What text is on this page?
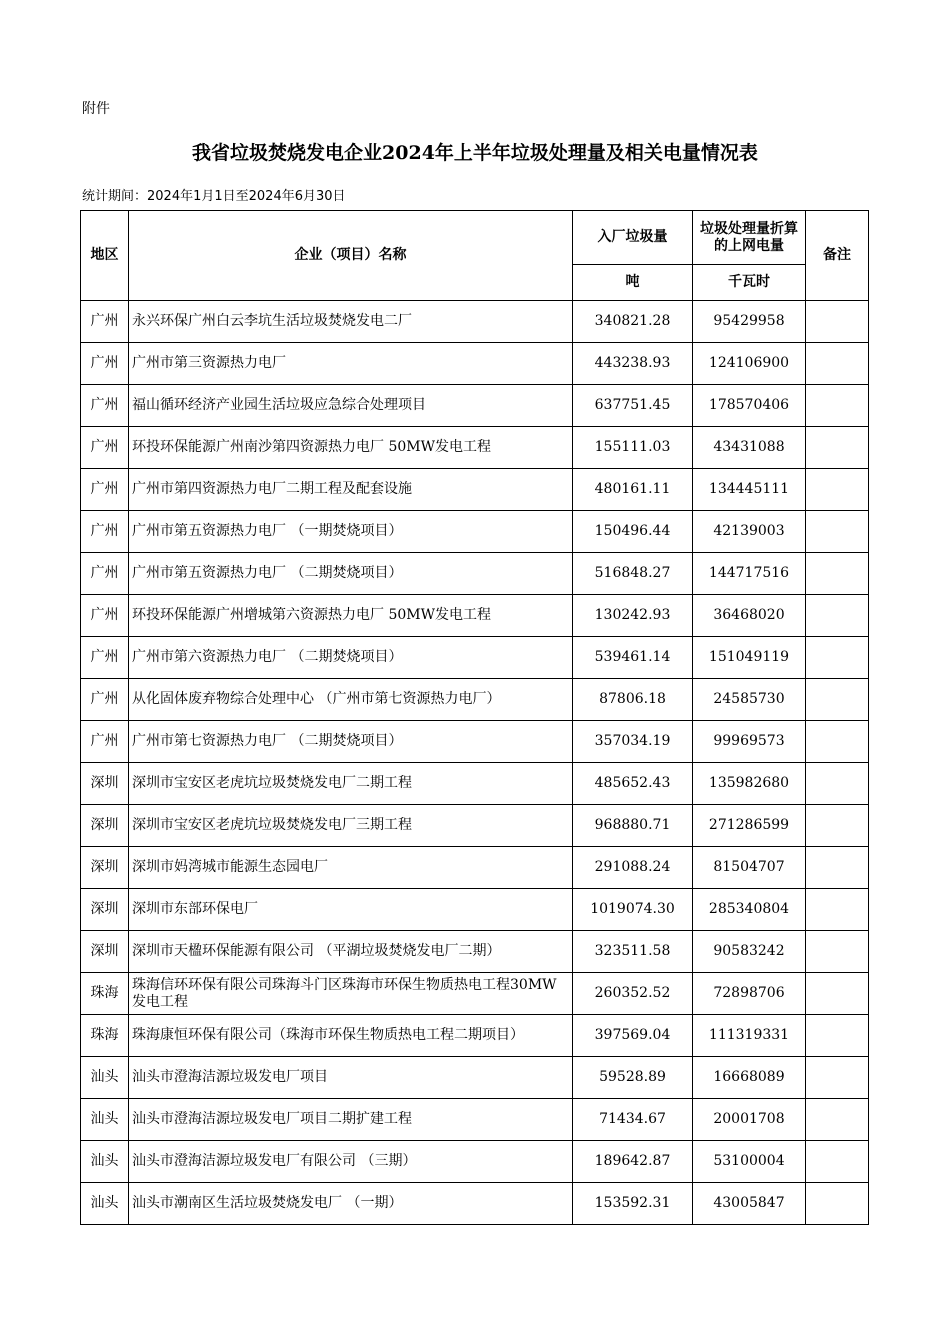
附件
我省垃圾焚烧发电企业2024年上半年垃圾处理量及相关电量情况表
统计期间：2024年1月1日至2024年6月30日
地区	企业（项目）名称	入厂垃圾量	垃圾处理量折算的上网电量	备注
		吨	千瓦时	
广州	永兴环保广州白云李坑生活垃圾焚烧发电二厂	340821.28	95429958	
广州	广州市第三资源热力电厂	443238.93	124106900	
广州	福山循环经济产业园生活垃圾应急综合处理项目	637751.45	178570406	
广州	环投环保能源广州南沙第四资源热力电厂 50MW发电工程	155111.03	43431088	
广州	广州市第四资源热力电厂二期工程及配套设施	480161.11	134445111	
广州	广州市第五资源热力电厂 （一期焚烧项目）	150496.44	42139003	
广州	广州市第五资源热力电厂 （二期焚烧项目）	516848.27	144717516	
广州	环投环保能源广州增城第六资源热力电厂 50MW发电工程	130242.93	36468020	
广州	广州市第六资源热力电厂 （二期焚烧项目）	539461.14	151049119	
广州	从化固体废弃物综合处理中心 （广州市第七资源热力电厂）	87806.18	24585730	
广州	广州市第七资源热力电厂 （二期焚烧项目）	357034.19	99969573	
深圳	深圳市宝安区老虎坑垃圾焚烧发电厂二期工程	485652.43	135982680	
深圳	深圳市宝安区老虎坑垃圾焚烧发电厂三期工程	968880.71	271286599	
深圳	深圳市妈湾城市能源生态园电厂	291088.24	81504707	
深圳	深圳市东部环保电厂	1019074.30	285340804	
深圳	深圳市天楹环保能源有限公司 （平湖垃圾焚烧发电厂二期）	323511.58	90583242	
珠海	珠海信环环保有限公司珠海斗门区珠海市环保生物质热电工程30MW发电工程	260352.52	72898706	
珠海	珠海康恒环保有限公司（珠海市环保生物质热电工程二期项目）	397569.04	111319331	
汕头	汕头市澄海洁源垃圾发电厂项目	59528.89	16668089	
汕头	汕头市澄海洁源垃圾发电厂项目二期扩建工程	71434.67	20001708	
汕头	汕头市澄海洁源垃圾发电厂有限公司 （三期）	189642.87	53100004	
汕头	汕头市潮南区生活垃圾焚烧发电厂 （一期）	153592.31	43005847	
